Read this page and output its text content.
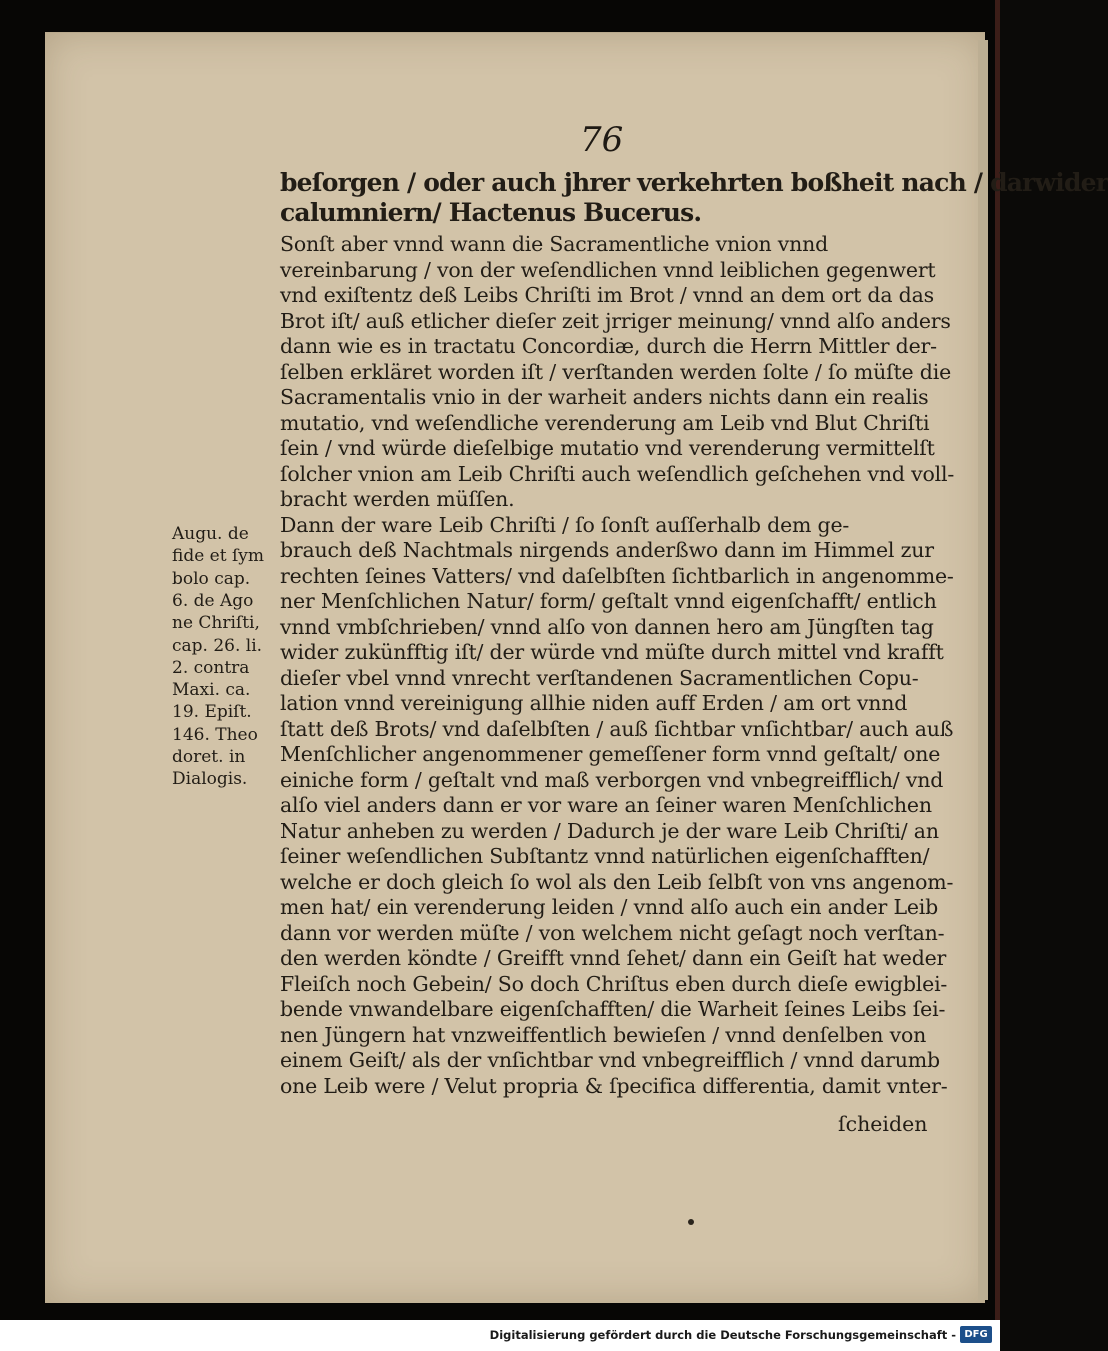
76
beſorgen / oder auch jhrer verkehrten boßheit nach / darwider
calumniern/ Hactenus Bucerus.
Sonſt aber vnnd wann die Sacramentliche vnion vnnd
vereinbarung / von der weſendlichen vnnd leiblichen gegenwert
vnd exiſtentz deß Leibs Chriſti im Brot / vnnd an dem ort da das
Brot iſt/ auß etlicher dieſer zeit jrriger meinung/ vnnd alſo anders
dann wie es in tractatu Concordiæ, durch die Herrn Mittler der-
ſelben erkläret worden iſt / verſtanden werden ſolte / ſo müſte die
Sacramentalis vnio in der warheit anders nichts dann ein realis
mutatio, vnd weſendliche verenderung am Leib vnd Blut Chriſti
ſein / vnd würde dieſelbige mutatio vnd verenderung vermittelſt
ſolcher vnion am Leib Chriſti auch weſendlich geſchehen vnd voll-
bracht werden müſſen.
Dann der ware Leib Chriſti / ſo ſonſt auſſerhalb dem ge-
brauch deß Nachtmals nirgends anderßwo dann im Himmel zur
rechten ſeines Vatters/ vnd daſelbſten ſichtbarlich in angenomme-
ner Menſchlichen Natur/ form/ geſtalt vnnd eigenſchafft/ entlich
vnnd vmbſchrieben/ vnnd alſo von dannen hero am Jüngſten tag
wider zukünfftig iſt/ der würde vnd müſte durch mittel vnd krafft
dieſer vbel vnnd vnrecht verſtandenen Sacramentlichen Copu-
lation vnnd vereinigung allhie niden auff Erden / am ort vnnd
ſtatt deß Brots/ vnd daſelbſten / auß ſichtbar vnſichtbar/ auch auß
Menſchlicher angenommener gemeſſener form vnnd geſtalt/ one
einiche form / geſtalt vnd maß verborgen vnd vnbegreifflich/ vnd
alſo viel anders dann er vor ware an ſeiner waren Menſchlichen
Natur anheben zu werden / Dadurch je der ware Leib Chriſti/ an
ſeiner weſendlichen Subſtantz vnnd natürlichen eigenſchafften/
welche er doch gleich ſo wol als den Leib ſelbſt von vns angenom-
men hat/ ein verenderung leiden / vnnd alſo auch ein ander Leib
dann vor werden müſte / von welchem nicht geſagt noch verſtan-
den werden köndte / Greifft vnnd ſehet/ dann ein Geiſt hat weder
Fleiſch noch Gebein/ So doch Chriſtus eben durch dieſe ewigblei-
bende vnwandelbare eigenſchafften/ die Warheit ſeines Leibs ſei-
nen Jüngern hat vnzweiffentlich bewieſen / vnnd denſelben von
einem Geiſt/ als der vnſichtbar vnd vnbegreifflich / vnnd darumb
one Leib were / Velut propria & ſpecifica differentia, damit vnter-
Augu. de
fide et ſym
bolo cap.
6. de Ago
ne Chriſti,
cap. 26. li.
2. contra
Maxi. ca.
19. Epiſt.
146. Theo
doret. in
Dialogis.
ſcheiden
Digitalisierung gefördert durch die Deutsche Forschungsgemeinschaft - DFG
